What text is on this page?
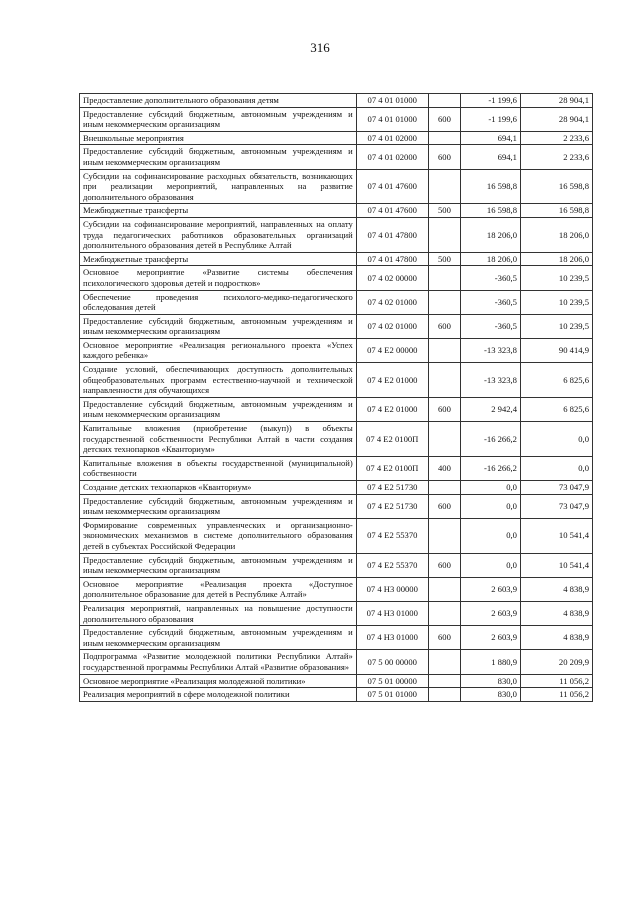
316
Предоставление дополнительного образования детям	07 4 01 01000		-1 199,6	28 904,1
Предоставление субсидий бюджетным, автономным учреждениям и иным некоммерческим организациям	07 4 01 01000	600	-1 199,6	28 904,1
Внешкольные мероприятия	07 4 01 02000		694,1	2 233,6
Предоставление субсидий бюджетным, автономным учреждениям и иным некоммерческим организациям	07 4 01 02000	600	694,1	2 233,6
Субсидии на софинансирование расходных обязательств, возникающих при реализации мероприятий, направленных на развитие дополнительного образования	07 4 01 47600		16 598,8	16 598,8
Межбюджетные трансферты	07 4 01 47600	500	16 598,8	16 598,8
Субсидии на софинансирование мероприятий, направленных на оплату труда педагогических работников образовательных организаций дополнительного образования детей в Республике Алтай	07 4 01 47800		18 206,0	18 206,0
Межбюджетные трансферты	07 4 01 47800	500	18 206,0	18 206,0
Основное мероприятие «Развитие системы обеспечения психологического здоровья детей и подростков»	07 4 02 00000		-360,5	10 239,5
Обеспечение проведения психолого-медико-педагогического обследования детей	07 4 02 01000		-360,5	10 239,5
Предоставление субсидий бюджетным, автономным учреждениям и иным некоммерческим организациям	07 4 02 01000	600	-360,5	10 239,5
Основное мероприятие «Реализация регионального проекта «Успех каждого ребенка»	07 4 E2 00000		-13 323,8	90 414,9
Создание условий, обеспечивающих доступность дополнительных общеобразовательных программ естественно-научной и технической направленности для обучающихся	07 4 E2 01000		-13 323,8	6 825,6
Предоставление субсидий бюджетным, автономным учреждениям и иным некоммерческим организациям	07 4 E2 01000	600	2 942,4	6 825,6
Капитальные вложения (приобретение (выкуп)) в объекты государственной собственности Республики Алтай в части создания детских технопарков «Кванториум»	07 4 E2 0100П		-16 266,2	0,0
Капитальные вложения в объекты государственной (муниципальной) собственности	07 4 E2 0100П	400	-16 266,2	0,0
Создание детских технопарков «Кванториум»	07 4 E2 51730		0,0	73 047,9
Предоставление субсидий бюджетным, автономным учреждениям и иным некоммерческим организациям	07 4 E2 51730	600	0,0	73 047,9
Формирование современных управленческих и организационно-экономических механизмов в системе дополнительного образования детей в субъектах Российской Федерации	07 4 E2 55370		0,0	10 541,4
Предоставление субсидий бюджетным, автономным учреждениям и иным некоммерческим организациям	07 4 E2 55370	600	0,0	10 541,4
Основное мероприятие «Реализация проекта «Доступное дополнительное образование для детей в Республике Алтай»	07 4 Н3 00000		2 603,9	4 838,9
Реализация мероприятий, направленных на повышение доступности дополнительного образования	07 4 Н3 01000		2 603,9	4 838,9
Предоставление субсидий бюджетным, автономным учреждениям и иным некоммерческим организациям	07 4 Н3 01000	600	2 603,9	4 838,9
Подпрограмма «Развитие молодежной политики Республики Алтай» государственной программы Республики Алтай «Развитие образования»	07 5 00 00000		1 880,9	20 209,9
Основное мероприятие «Реализация молодежной политики»	07 5 01 00000		830,0	11 056,2
Реализация мероприятий в сфере молодежной политики	07 5 01 01000		830,0	11 056,2
